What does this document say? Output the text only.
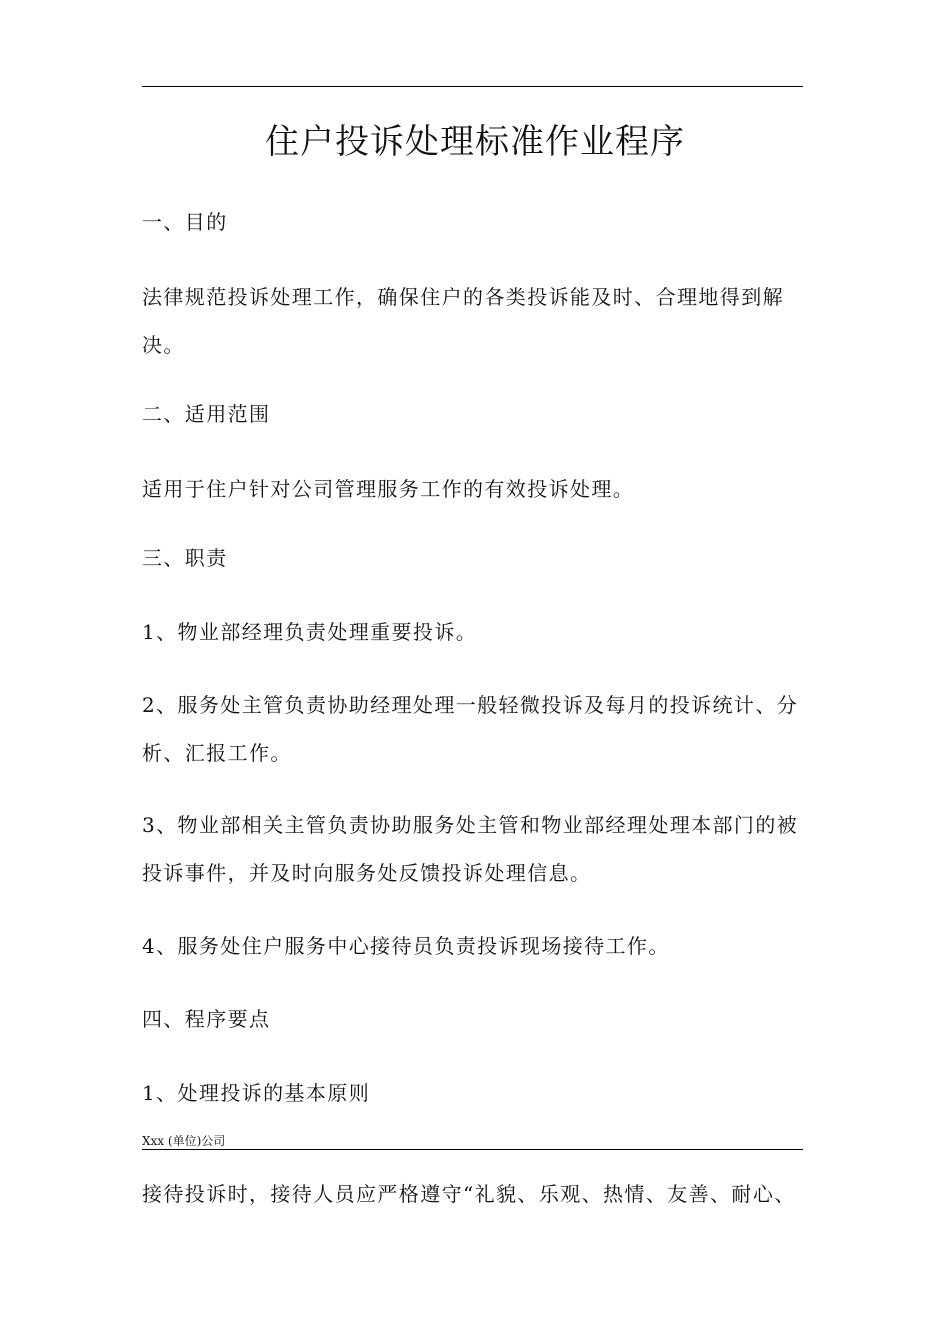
住户投诉处理标准作业程序
一、目的
法律规范投诉处理工作，确保住户的各类投诉能及时、合理地得到解决。
二、适用范围
适用于住户针对公司管理服务工作的有效投诉处理。
三、职责
1、物业部经理负责处理重要投诉。
2、服务处主管负责协助经理处理一般轻微投诉及每月的投诉统计、分析、汇报工作。
3、物业部相关主管负责协助服务处主管和物业部经理处理本部门的被投诉事件，并及时向服务处反馈投诉处理信息。
4、服务处住户服务中心接待员负责投诉现场接待工作。
四、程序要点
1、处理投诉的基本原则
Xxx (单位)公司
接待投诉时，接待人员应严格遵守“礼貌、乐观、热情、友善、耐心、
